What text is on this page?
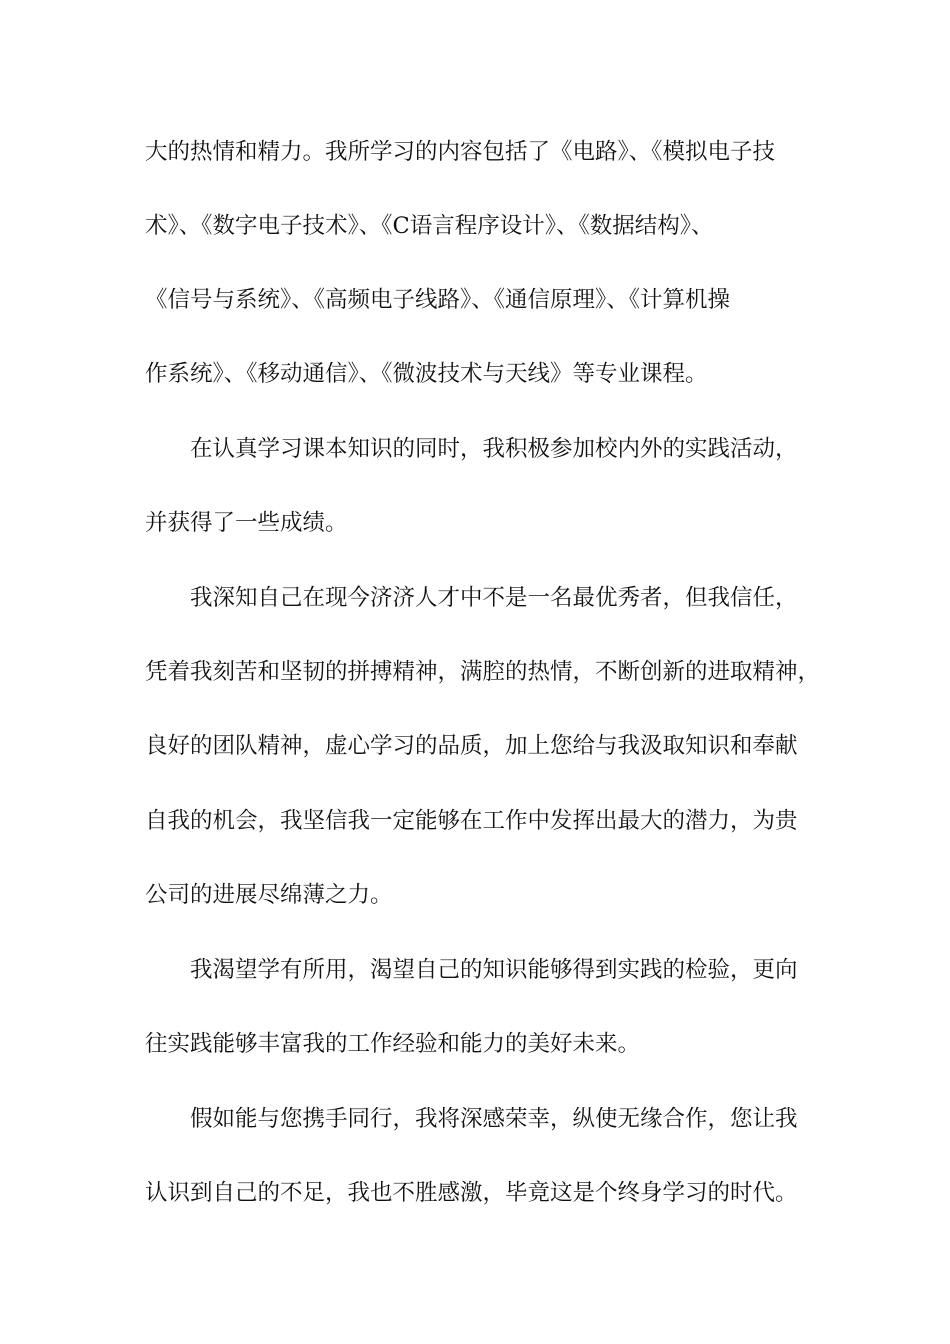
大的热情和精力。我所学习的内容包括了《电路》、《模拟电子技
术》、《数字电子技术》、《C语言程序设计》、《数据结构》、
《信号与系统》、《高频电子线路》、《通信原理》、《计算机操
作系统》、《移动通信》、《微波技术与天线》等专业课程。
在认真学习课本知识的同时，我积极参加校内外的实践活动，
并获得了一些成绩。
我深知自己在现今济济人才中不是一名最优秀者，但我信任，
凭着我刻苦和坚韧的拼搏精神，满腔的热情，不断创新的进取精神，
良好的团队精神，虚心学习的品质，加上您给与我汲取知识和奉献
自我的机会，我坚信我一定能够在工作中发挥出最大的潜力，为贵
公司的进展尽绵薄之力。
我渴望学有所用，渴望自己的知识能够得到实践的检验，更向
往实践能够丰富我的工作经验和能力的美好未来。
假如能与您携手同行，我将深感荣幸，纵使无缘合作，您让我
认识到自己的不足，我也不胜感激，毕竟这是个终身学习的时代。
